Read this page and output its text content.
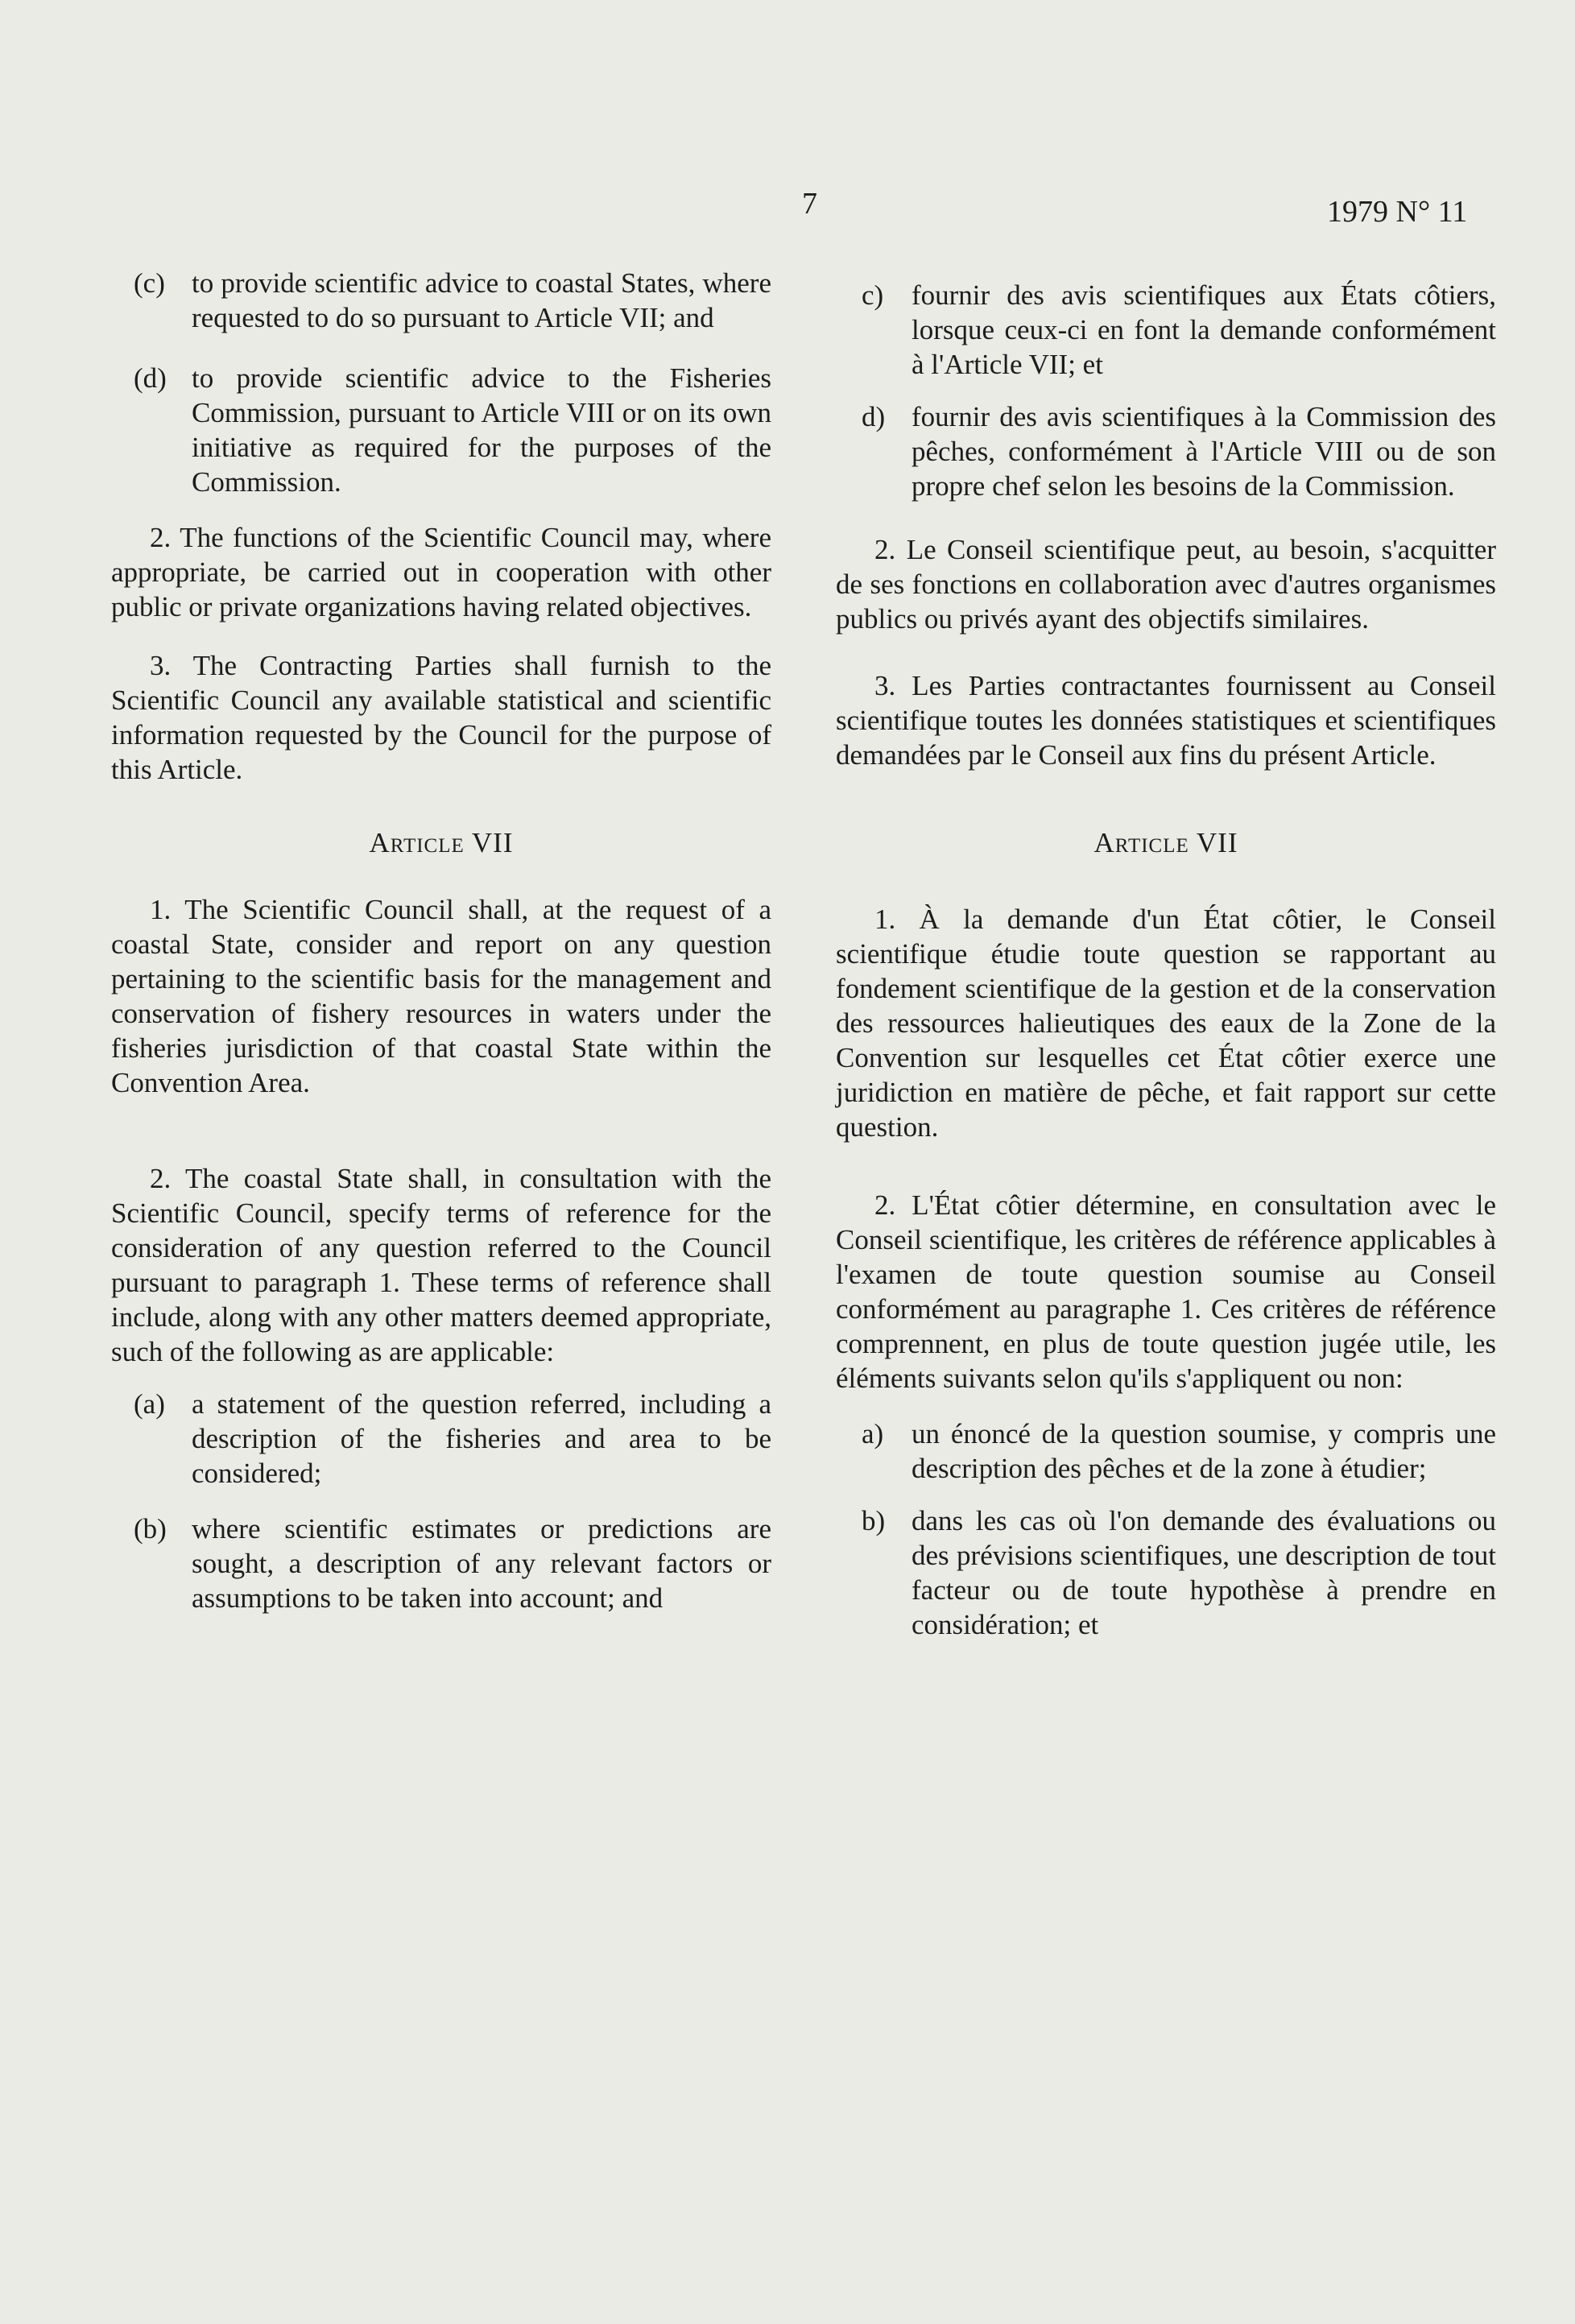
7	1979 N° 11
(c) to provide scientific advice to coastal States, where requested to do so pursuant to Article VII; and
(d) to provide scientific advice to the Fisheries Commission, pursuant to Article VIII or on its own initiative as required for the purposes of the Commission.

2. The functions of the Scientific Council may, where appropriate, be carried out in cooperation with other public or private organizations having related objectives.

3. The Contracting Parties shall furnish to the Scientific Council any available statistical and scientific information requested by the Council for the purpose of this Article.

Article VII

1. The Scientific Council shall, at the request of a coastal State, consider and report on any question pertaining to the scientific basis for the management and conservation of fishery resources in waters under the fisheries jurisdiction of that coastal State within the Convention Area.

2. The coastal State shall, in consultation with the Scientific Council, specify terms of reference for the consideration of any question referred to the Council pursuant to paragraph 1. These terms of reference shall include, along with any other matters deemed appropriate, such of the following as are applicable:

(a) a statement of the question referred, including a description of the fisheries and area to be considered;
(b) where scientific estimates or predictions are sought, a description of any relevant factors or assumptions to be taken into account; and
c) fournir des avis scientifiques aux États côtiers, lorsque ceux-ci en font la demande conformément à l'Article VII; et
d) fournir des avis scientifiques à la Commission des pêches, conformément à l'Article VIII ou de son propre chef selon les besoins de la Commission.

2. Le Conseil scientifique peut, au besoin, s'acquitter de ses fonctions en collaboration avec d'autres organismes publics ou privés ayant des objectifs similaires.

3. Les Parties contractantes fournissent au Conseil scientifique toutes les données statistiques et scientifiques demandées par le Conseil aux fins du présent Article.

Article VII

1. À la demande d'un État côtier, le Conseil scientifique étudie toute question se rapportant au fondement scientifique de la gestion et de la conservation des ressources halieutiques des eaux de la Zone de la Convention sur lesquelles cet État côtier exerce une juridiction en matière de pêche, et fait rapport sur cette question.

2. L'État côtier détermine, en consultation avec le Conseil scientifique, les critères de référence applicables à l'examen de toute question soumise au Conseil conformément au paragraphe 1. Ces critères de référence comprennent, en plus de toute question jugée utile, les éléments suivants selon qu'ils s'appliquent ou non:

a) un énoncé de la question soumise, y compris une description des pêches et de la zone à étudier;
b) dans les cas où l'on demande des évaluations ou des prévisions scientifiques, une description de tout facteur ou de toute hypothèse à prendre en considération; et
